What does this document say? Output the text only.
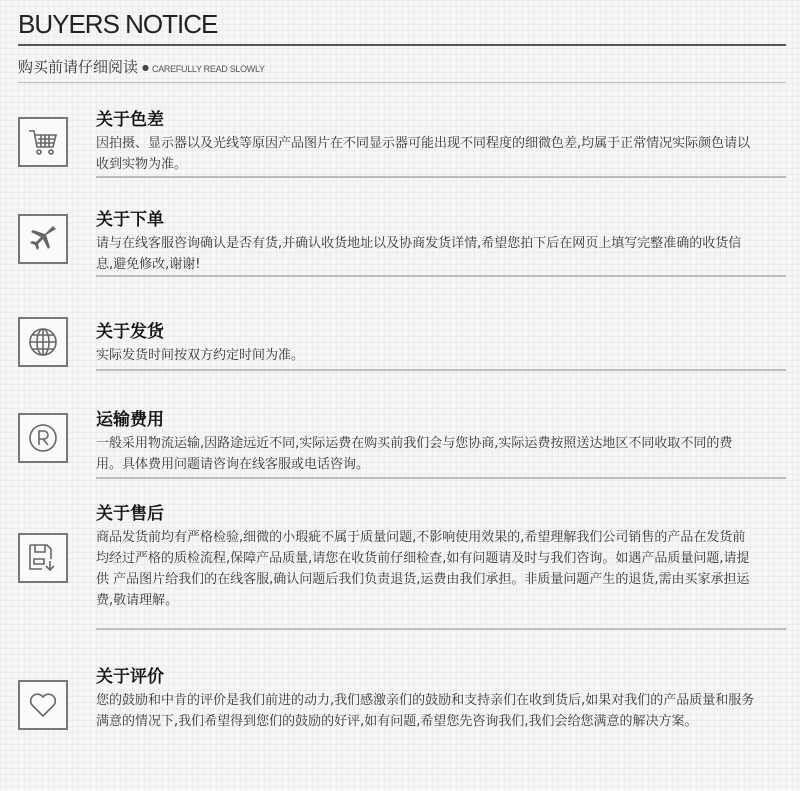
BUYERS NOTICE
购买前请仔细阅读 ● CAREFULLY READ SLOWLY
关于色差
因拍摄、显示器以及光线等原因产品图片在不同显示器可能出现不同程度的细微色差,均属于正常情况实际颜色请以收到实物为准。
关于下单
请与在线客服咨询确认是否有货,并确认收货地址以及协商发货详情,希望您拍下后在网页上填写完整准确的收货信息,避免修改,谢谢!
关于发货
实际发货时间按双方约定时间为准。
运输费用
一般采用物流运输,因路途远近不同,实际运费在购买前我们会与您协商,实际运费按照送达地区不同收取不同的费用。具体费用问题请咨询在线客服或电话咨询。
关于售后
商品发货前均有严格检验,细微的小瑕疵不属于质量问题,不影响使用效果的,希望理解我们公司销售的产品在发货前均经过严格的质检流程,保障产品质量,请您在收货前仔细检查,如有问题请及时与我们咨询。如遇产品质量问题,请提供 产品图片给我们的在线客服,确认问题后我们负责退货,运费由我们承担。非质量问题产生的退货,需由买家承担运费,敬请理解。
关于评价
您的鼓励和中肯的评价是我们前进的动力,我们感激亲们的鼓励和支持亲们在收到货后,如果对我们的产品质量和服务满意的情况下,我们希望得到您们的鼓励的好评,如有问题,希望您先咨询我们,我们会给您满意的解决方案。
